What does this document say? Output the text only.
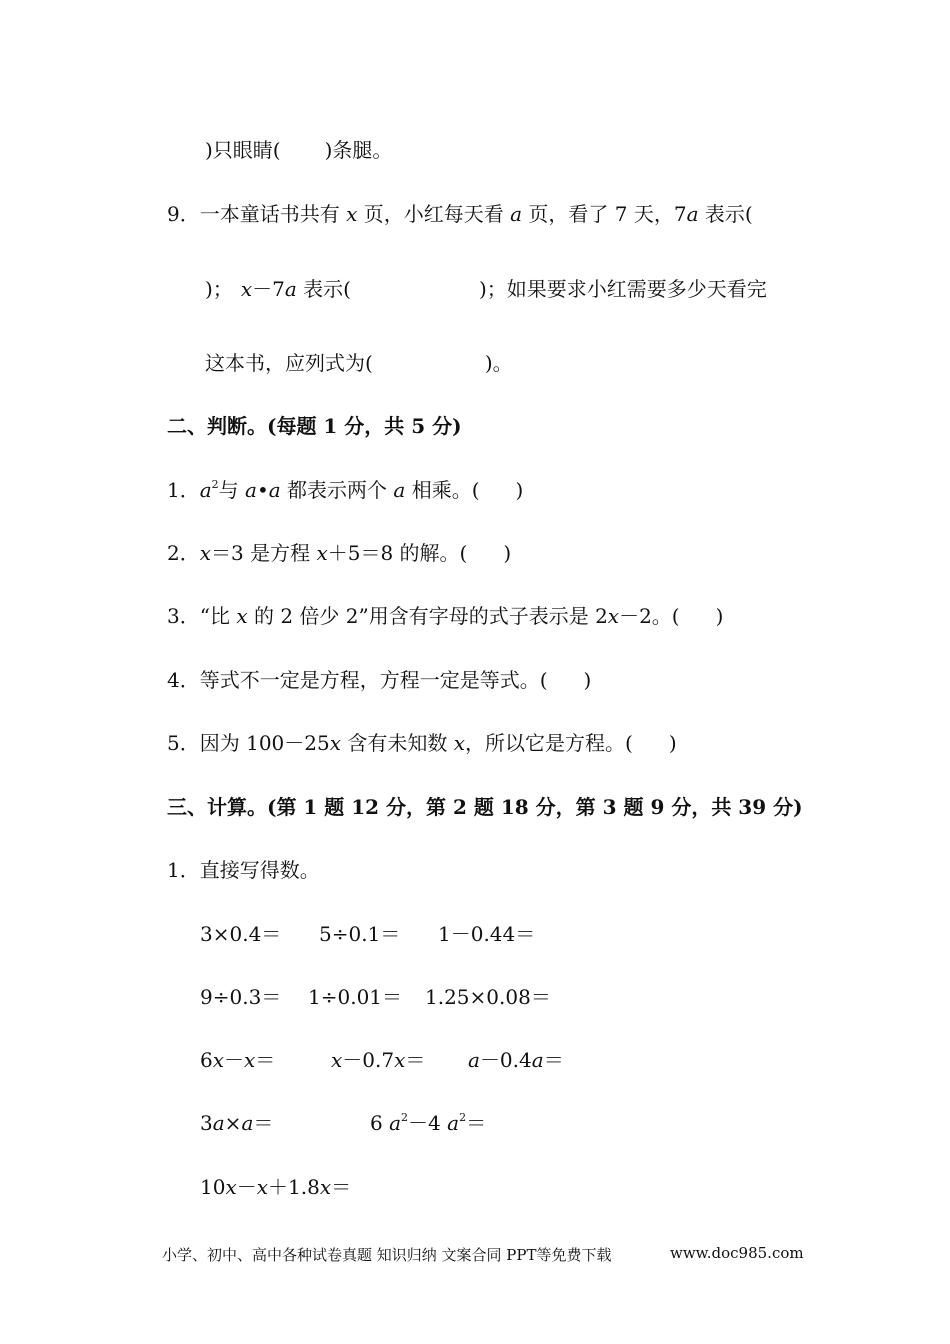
)只眼睛( )条腿。
9．一本童话书共有 x 页，小红每天看 a 页，看了 7 天，7a 表示(
)； x－7a 表示(	)；如果要求小红需要多少天看完
这本书，应列式为(	)。
二、判断。(每题 1 分，共 5 分)
1．$a^2$与 a•a 都表示两个 a 相乘。( )
2．x＝3 是方程 x＋5＝8 的解。( )
3．“比 x 的 2 倍少 2”用含有字母的式子表示是 2x－2。( )
4．等式不一定是方程，方程一定是等式。( )
5．因为 100－25x 含有未知数 x，所以它是方程。( )
三、计算。(第 1 题 12 分，第 2 题 18 分，第 3 题 9 分，共 39 分)
1．直接写得数。
3×0.4＝ 5÷0.1＝ 1－0.44＝
9÷0.3＝ 1÷0.01＝ 1.25×0.08＝
6x－x＝	x－0.7x＝ a－0.4a＝
3a×a＝	6 $a^2-4$ $a^2=$
10x－x＋1.8x＝
小学、初中、高中各种试卷真题 知识归纳 文案合同 PPT等免费下载	www.doc985.com
